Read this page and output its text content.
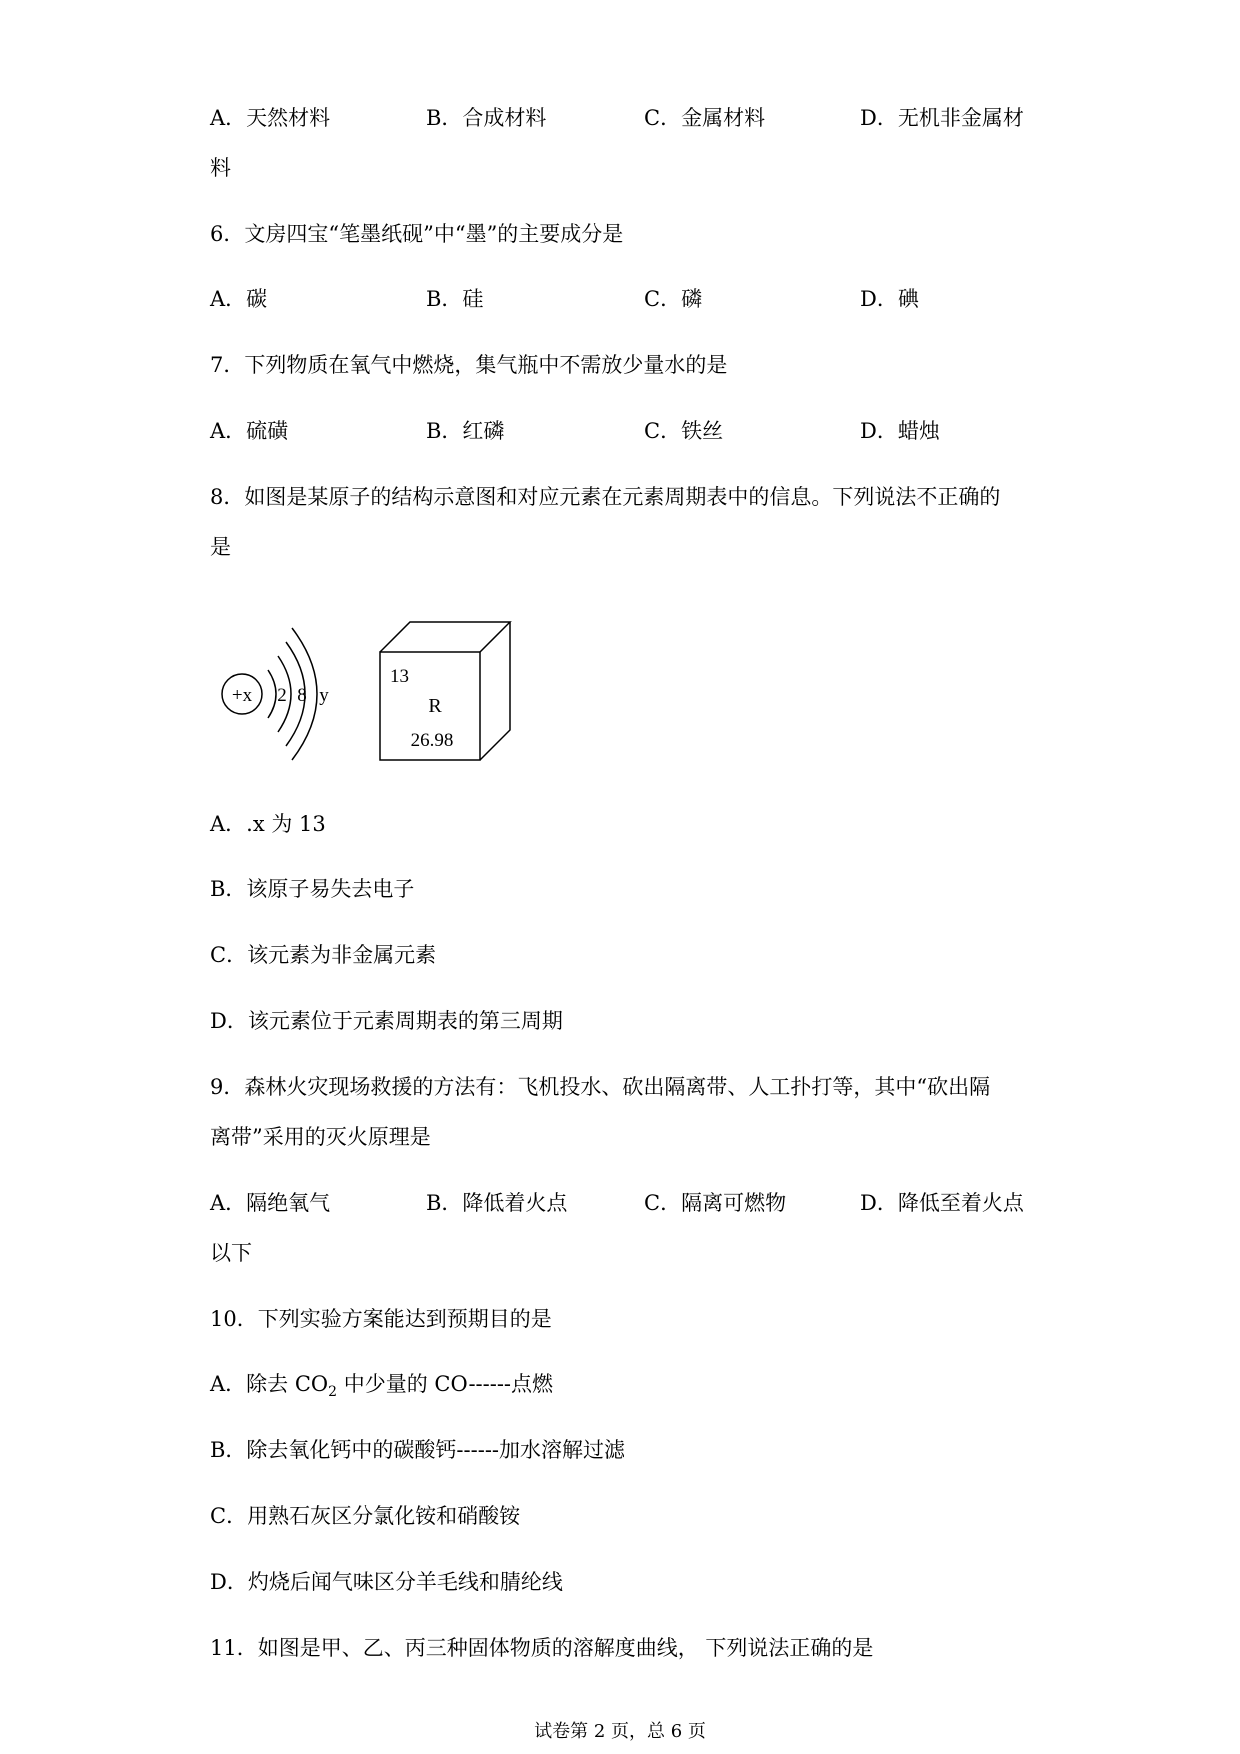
A．天然材料	B．合成材料	C．金属材料	D．无机非金属材
料
6．文房四宝“笔墨纸砚”中“墨”的主要成分是
A．碳	B．硅	C．磷	D．碘
7．下列物质在氧气中燃烧，集气瓶中不需放少量水的是
A．硫磺	B．红磷	C．铁丝	D．蜡烛
8．如图是某原子的结构示意图和对应元素在元素周期表中的信息。下列说法不正确的
是
+x 2 8 y
13
R
26.98
A．.x 为 13
B．该原子易失去电子
C．该元素为非金属元素
D．该元素位于元素周期表的第三周期
9．森林火灾现场救援的方法有：飞机投水、砍出隔离带、人工扑打等，其中“砍出隔
离带”采用的灭火原理是
A．隔绝氧气	B．降低着火点	C．隔离可燃物	D．降低至着火点
以下
10．下列实验方案能达到预期目的是
A．除去 $CO_2$ 中少量的 CO------点燃
B．除去氧化钙中的碳酸钙------加水溶解过滤
C．用熟石灰区分氯化铵和硝酸铵
D．灼烧后闻气味区分羊毛线和腈纶线
11．如图是甲、乙、丙三种固体物质的溶解度曲线， 下列说法正确的是
试卷第 2 页，总 6 页
